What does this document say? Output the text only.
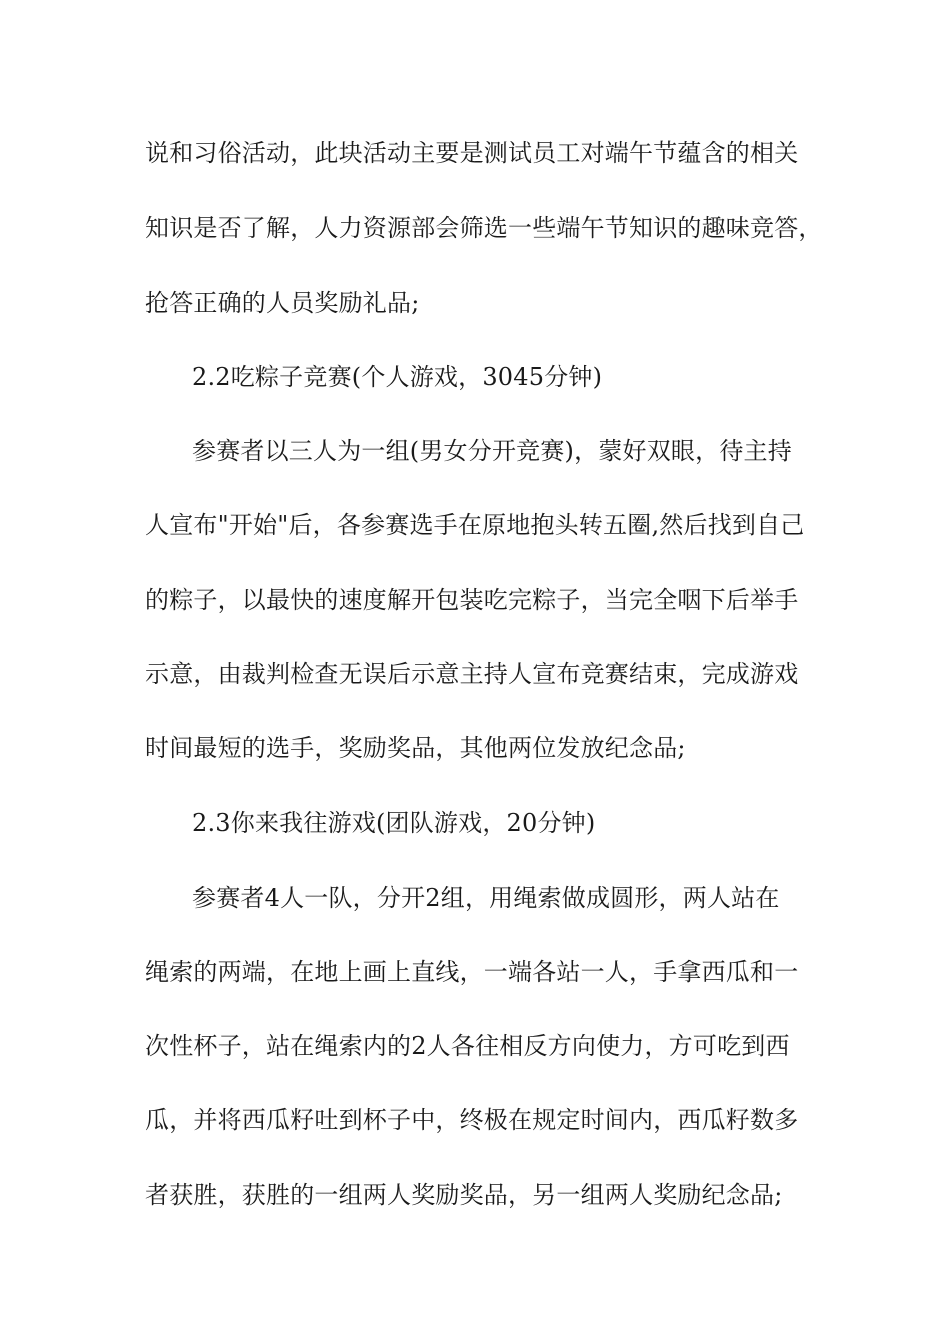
说和习俗活动，此块活动主要是测试员工对端午节蕴含的相关
知识是否了解，人力资源部会筛选一些端午节知识的趣味竞答，
抢答正确的人员奖励礼品;
2.2吃粽子竞赛(个人游戏，3045分钟)
参赛者以三人为一组(男女分开竞赛)，蒙好双眼，待主持
人宣布"开始"后，各参赛选手在原地抱头转五圈,然后找到自己
的粽子，以最快的速度解开包装吃完粽子，当完全咽下后举手
示意，由裁判检查无误后示意主持人宣布竞赛结束，完成游戏
时间最短的选手，奖励奖品，其他两位发放纪念品;
2.3你来我往游戏(团队游戏，20分钟)
参赛者4人一队，分开2组，用绳索做成圆形，两人站在
绳索的两端，在地上画上直线，一端各站一人，手拿西瓜和一
次性杯子，站在绳索内的2人各往相反方向使力，方可吃到西
瓜，并将西瓜籽吐到杯子中，终极在规定时间内，西瓜籽数多
者获胜，获胜的一组两人奖励奖品，另一组两人奖励纪念品;
